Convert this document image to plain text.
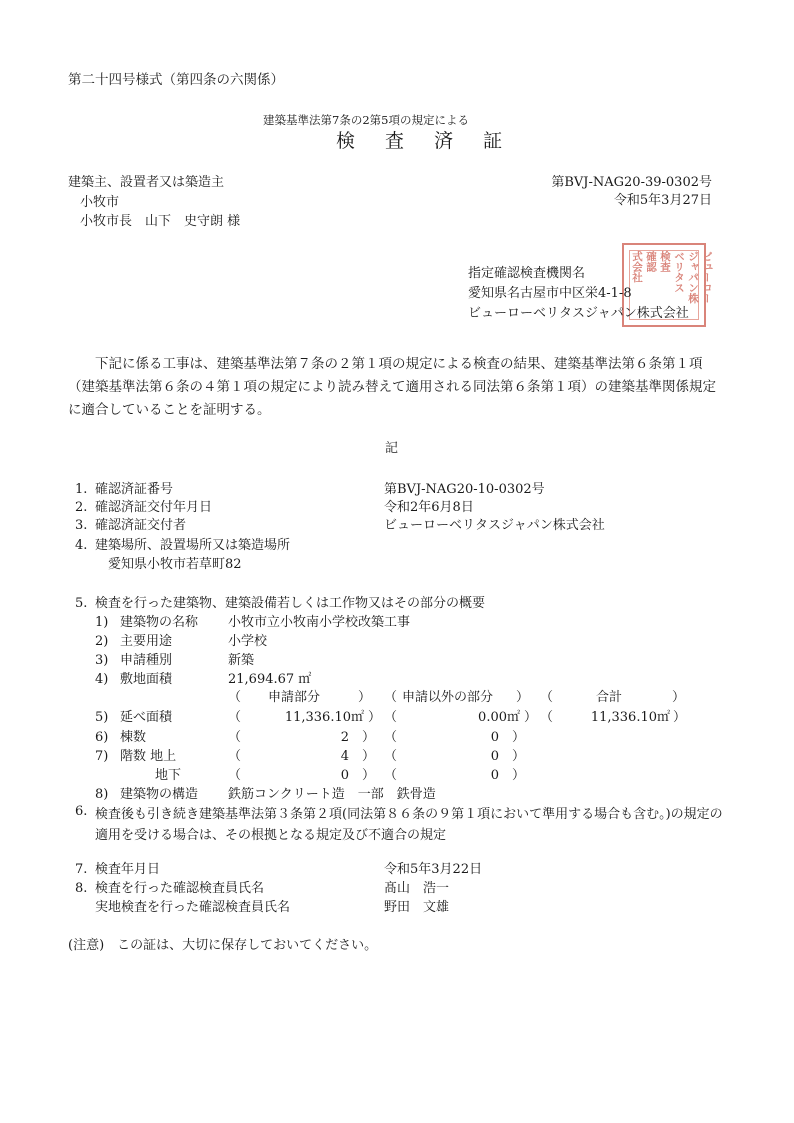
第二十四号様式（第四条の六関係）
建築基準法第7条の2第5項の規定による
検 査 済 証
建築主、設置者又は築造主
小牧市
小牧市長　山下　史守朗 様
第BVJ-NAG20-39-0302号
令和5年3月27日
ビューロー
ジャパン株
ベリタス
検査
確認
式会社
指定確認検査機関名
愛知県名古屋市中区栄4-1-8
ビューローベリタスジャパン株式会社
下記に係る工事は、建築基準法第７条の２第１項の規定による検査の結果、建築基準法第６条第１項（建築基準法第６条の４第１項の規定により読み替えて適用される同法第６条第１項）の建築基準関係規定に適合していることを証明する。
記
1. 確認済証番号	第BVJ-NAG20-10-0302号
2. 確認済証交付年月日	令和2年6月8日
3. 確認済証交付者	ビューローベリタスジャパン株式会社
4. 建築場所、設置場所又は築造場所
愛知県小牧市若草町82
5. 検査を行った建築物、建築設備若しくは工作物又はその部分の概要
1) 建築物の名称 小牧市立小牧南小学校改築工事
2) 主要用途	小学校
3) 申請種別	新築
4) 敷地面積	21,694.67 ㎡
（ 申請部分	） （ 申請以外の部分 ） （	合計	）
5) 延べ面積	（	11,336.10㎡ ） （	0.00㎡ ） （	11,336.10㎡ ）
6) 棟数	（	2 ） （	0 ）
7) 階数 地上	（	4 ） （	0 ）
地下	（	0 ） （	0 ）
8) 建築物の構造 鉄筋コンクリート造　一部　鉄骨造
6. 検査後も引き続き建築基準法第３条第２項(同法第８６条の９第１項において準用する場合も含む。)の規定の適用を受ける場合は、その根拠となる規定及び不適合の規定
7. 検査年月日	令和5年3月22日
8. 検査を行った確認検査員氏名	髙山　浩一
実地検査を行った確認検査員氏名	野田　文雄
(注意)　この証は、大切に保存しておいてください。
